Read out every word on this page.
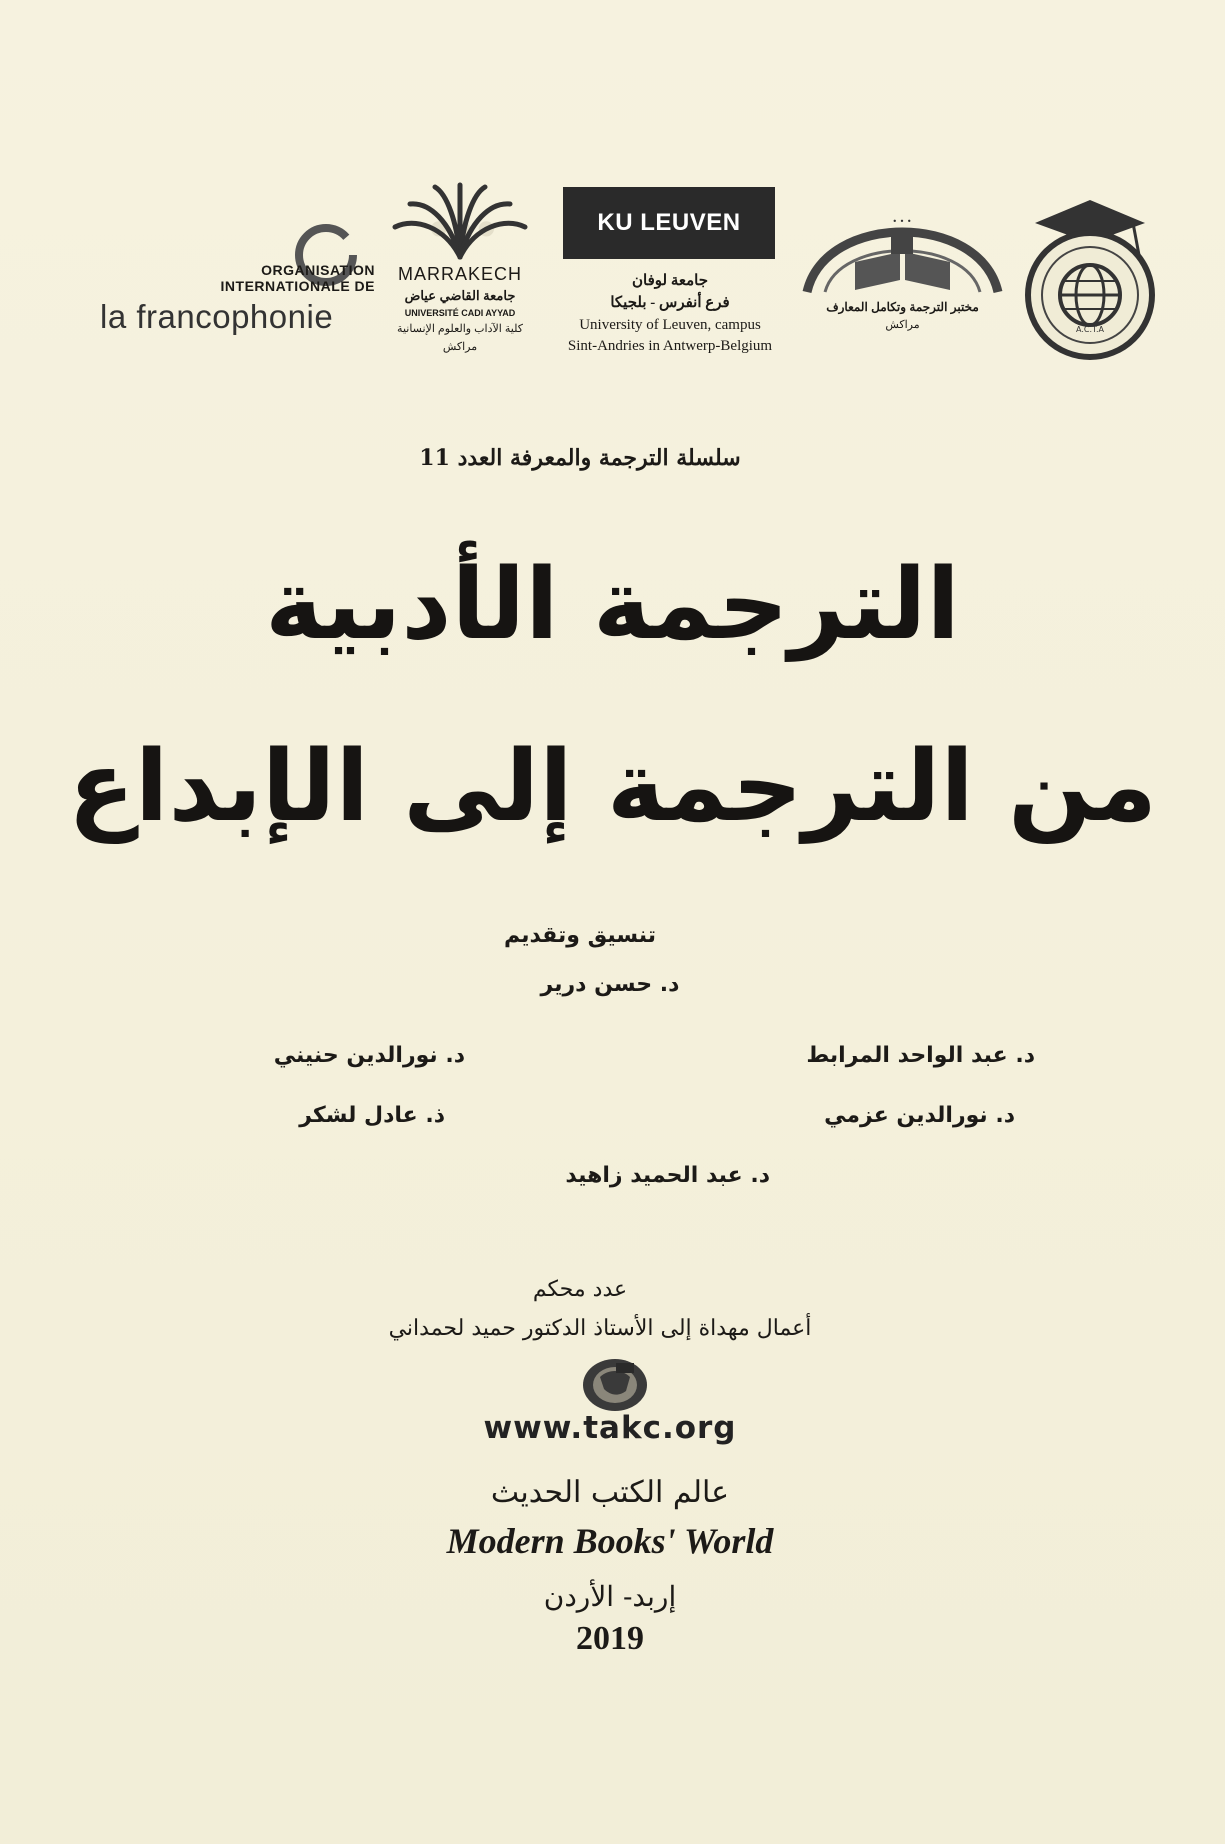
● ● ●
ORGANISATION
INTERNATIONALE DE
la francophonie
MARRAKECH
جامعة القاضي عياض
UNIVERSITÉ CADI AYYAD
كلية الآداب والعلوم الإنسانية
مراكش
KU LEUVEN
جامعة لوفان
فرع أنفرس - بلجيكا
University of Leuven, campus
Sint-Andries in Antwerp-Belgium
• • •
مختبر الترجمة وتكامل المعارف
مراكش	A.C.T.A
سلسلة الترجمة والمعرفة العدد 11
الترجمة الأدبية
من الترجمة إلى الإبداع
تنسيق وتقديم
د. حسن درير
د. عبد الواحد المرابط
د. نورالدين حنيني
د. نورالدين عزمي
ذ. عادل لشكر
د. عبد الحميد زاهيد
عدد محكم
أعمال مهداة إلى الأستاذ الدكتور حميد لحمداني
www.takc.org
عالم الكتب الحديث
Modern Books' World
إربد- الأردن
2019
